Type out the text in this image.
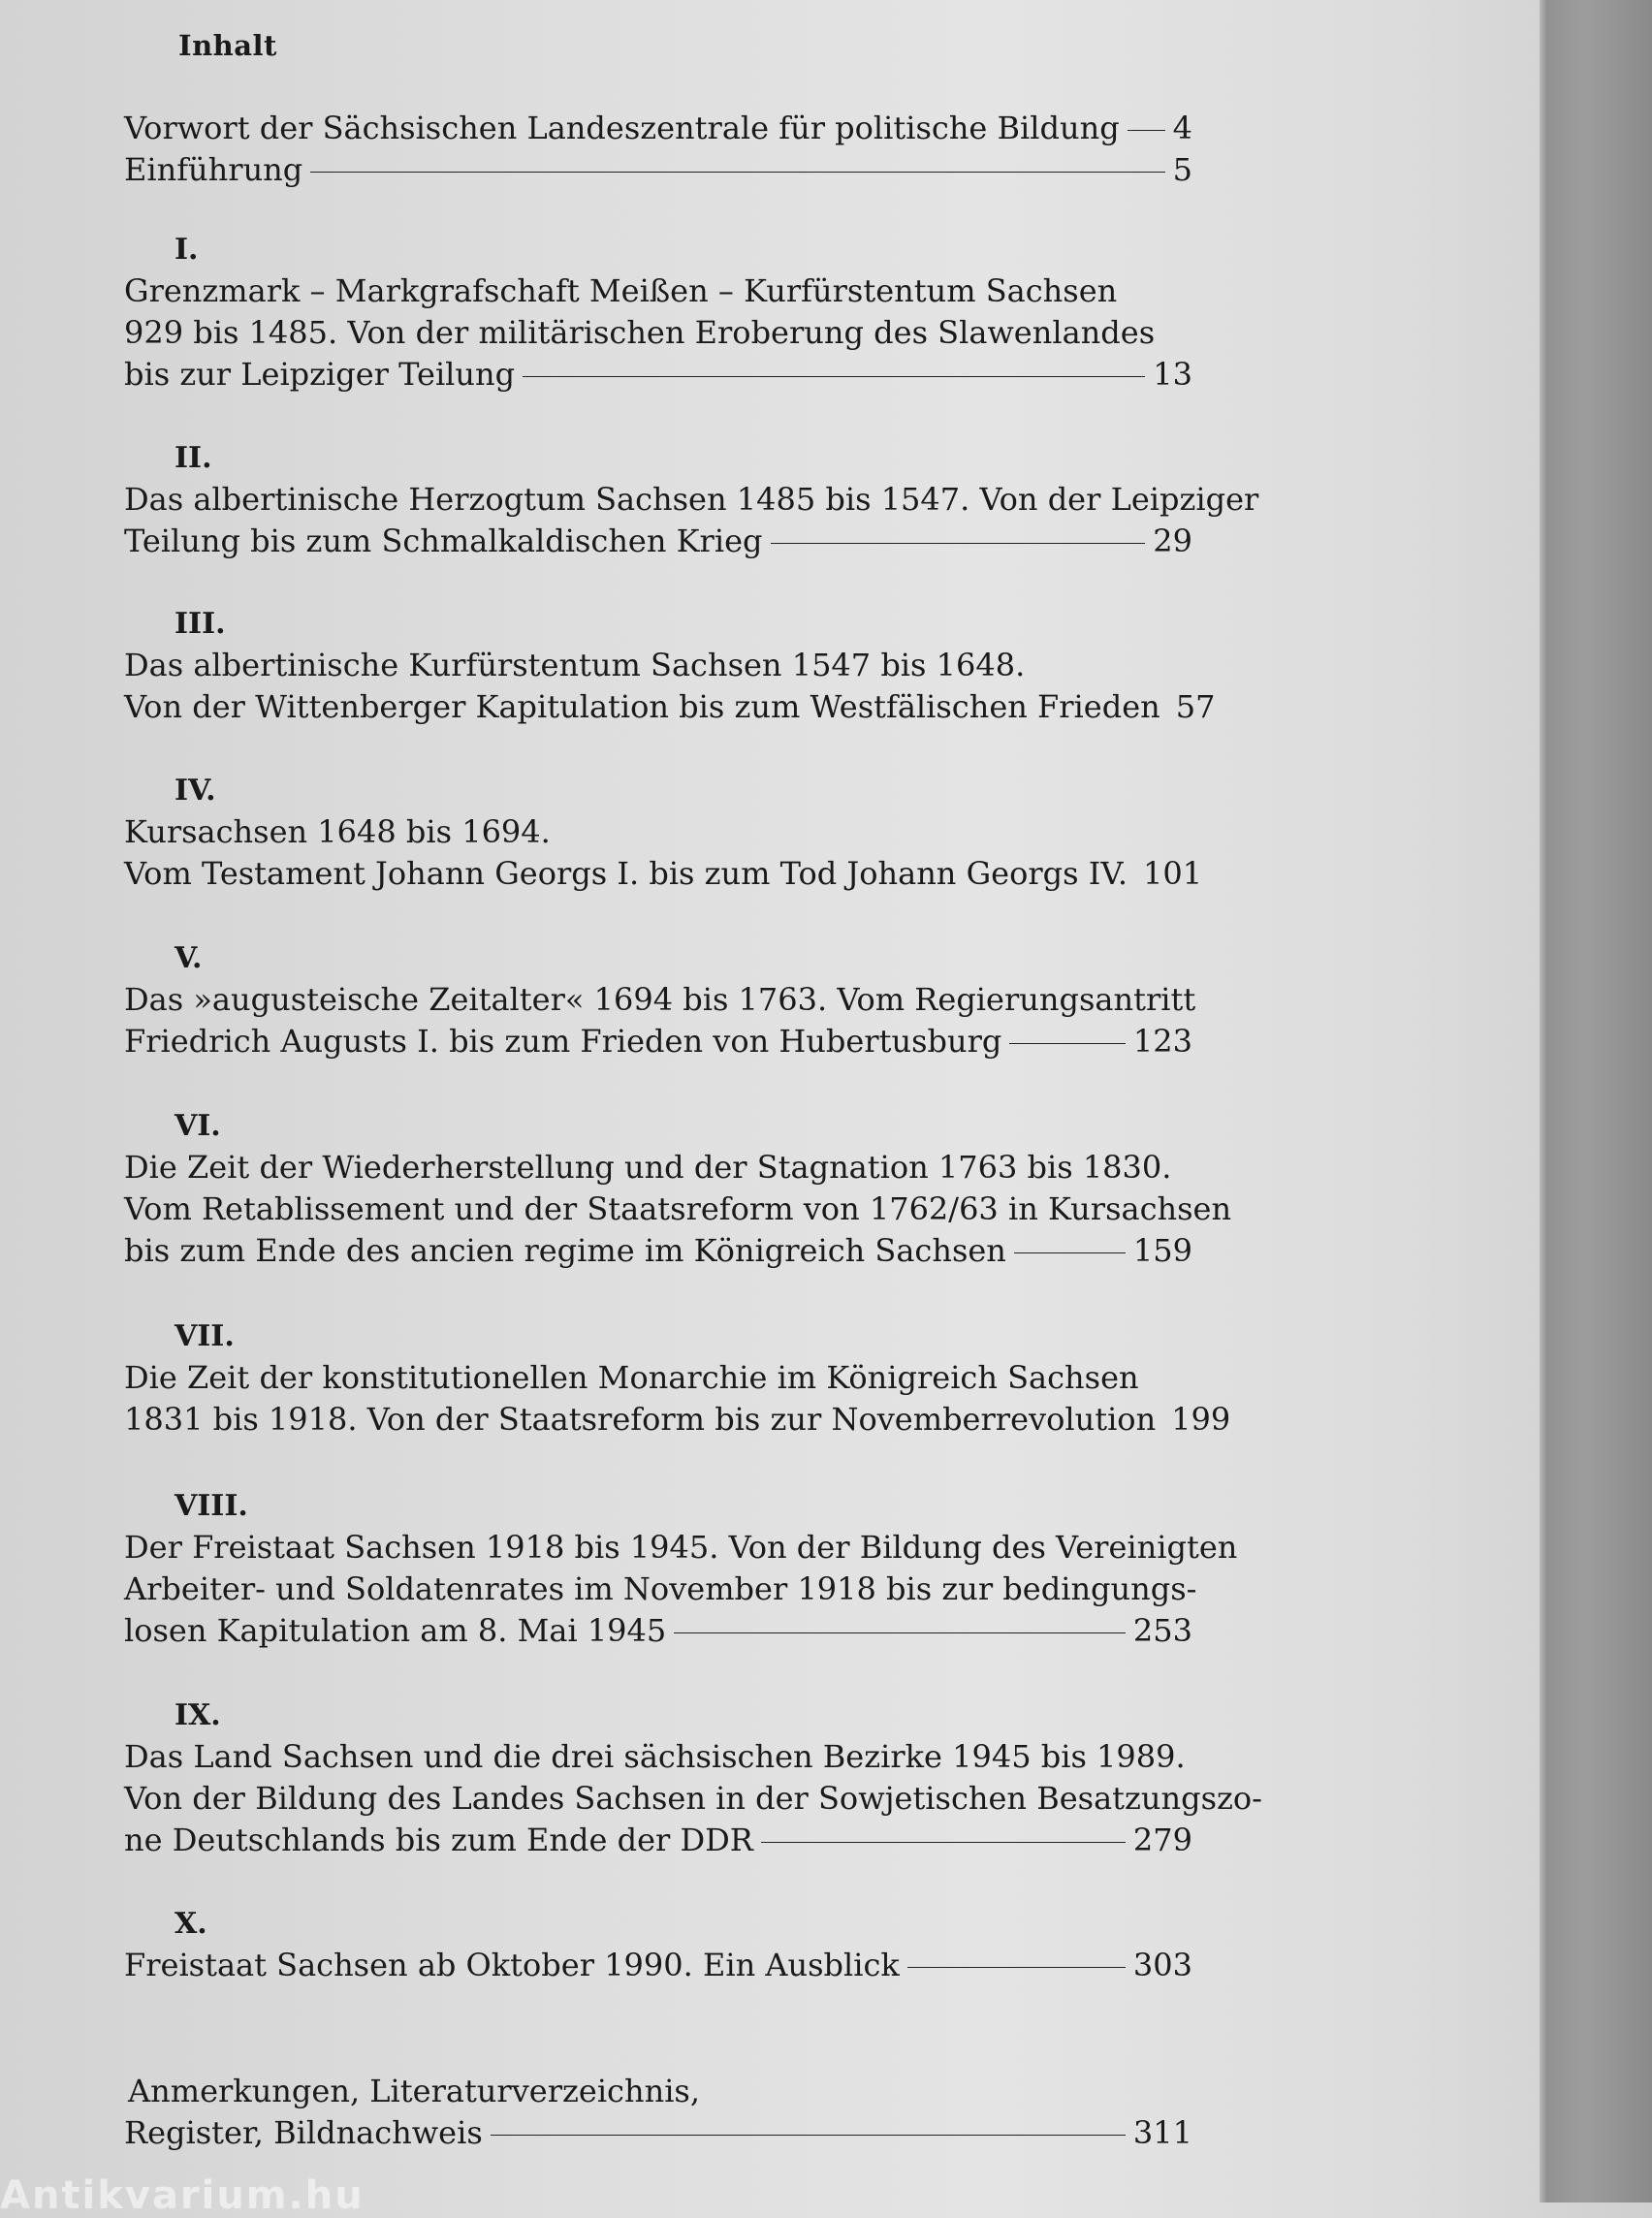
Inhalt
Vorwort der Sächsischen Landeszentrale für politische Bildung 4
Einführung	5
I.
Grenzmark – Markgrafschaft Meißen – Kurfürstentum Sachsen
929 bis 1485. Von der militärischen Eroberung des Slawenlandes
bis zur Leipziger Teilung	13
II.
Das albertinische Herzogtum Sachsen 1485 bis 1547. Von der Leipziger
Teilung bis zum Schmalkaldischen Krieg	29
III.
Das albertinische Kurfürstentum Sachsen 1547 bis 1648.
Von der Wittenberger Kapitulation bis zum Westfälischen Frieden 57
IV.
Kursachsen 1648 bis 1694.
Vom Testament Johann Georgs I. bis zum Tod Johann Georgs IV. 101
V.
Das »augusteische Zeitalter« 1694 bis 1763. Vom Regierungsantritt
Friedrich Augusts I. bis zum Frieden von Hubertusburg	123
VI.
Die Zeit der Wiederherstellung und der Stagnation 1763 bis 1830.
Vom Retablissement und der Staatsreform von 1762/63 in Kursachsen
bis zum Ende des ancien regime im Königreich Sachsen	159
VII.
Die Zeit der konstitutionellen Monarchie im Königreich Sachsen
1831 bis 1918. Von der Staatsreform bis zur Novemberrevolution 199
VIII.
Der Freistaat Sachsen 1918 bis 1945. Von der Bildung des Vereinigten
Arbeiter- und Soldatenrates im November 1918 bis zur bedingungs-
losen Kapitulation am 8. Mai 1945	253
IX.
Das Land Sachsen und die drei sächsischen Bezirke 1945 bis 1989.
Von der Bildung des Landes Sachsen in der Sowjetischen Besatzungszo-
ne Deutschlands bis zum Ende der DDR	279
X.
Freistaat Sachsen ab Oktober 1990. Ein Ausblick	303
Anmerkungen, Literaturverzeichnis,
Register, Bildnachweis	311
Antikvarium.hu
